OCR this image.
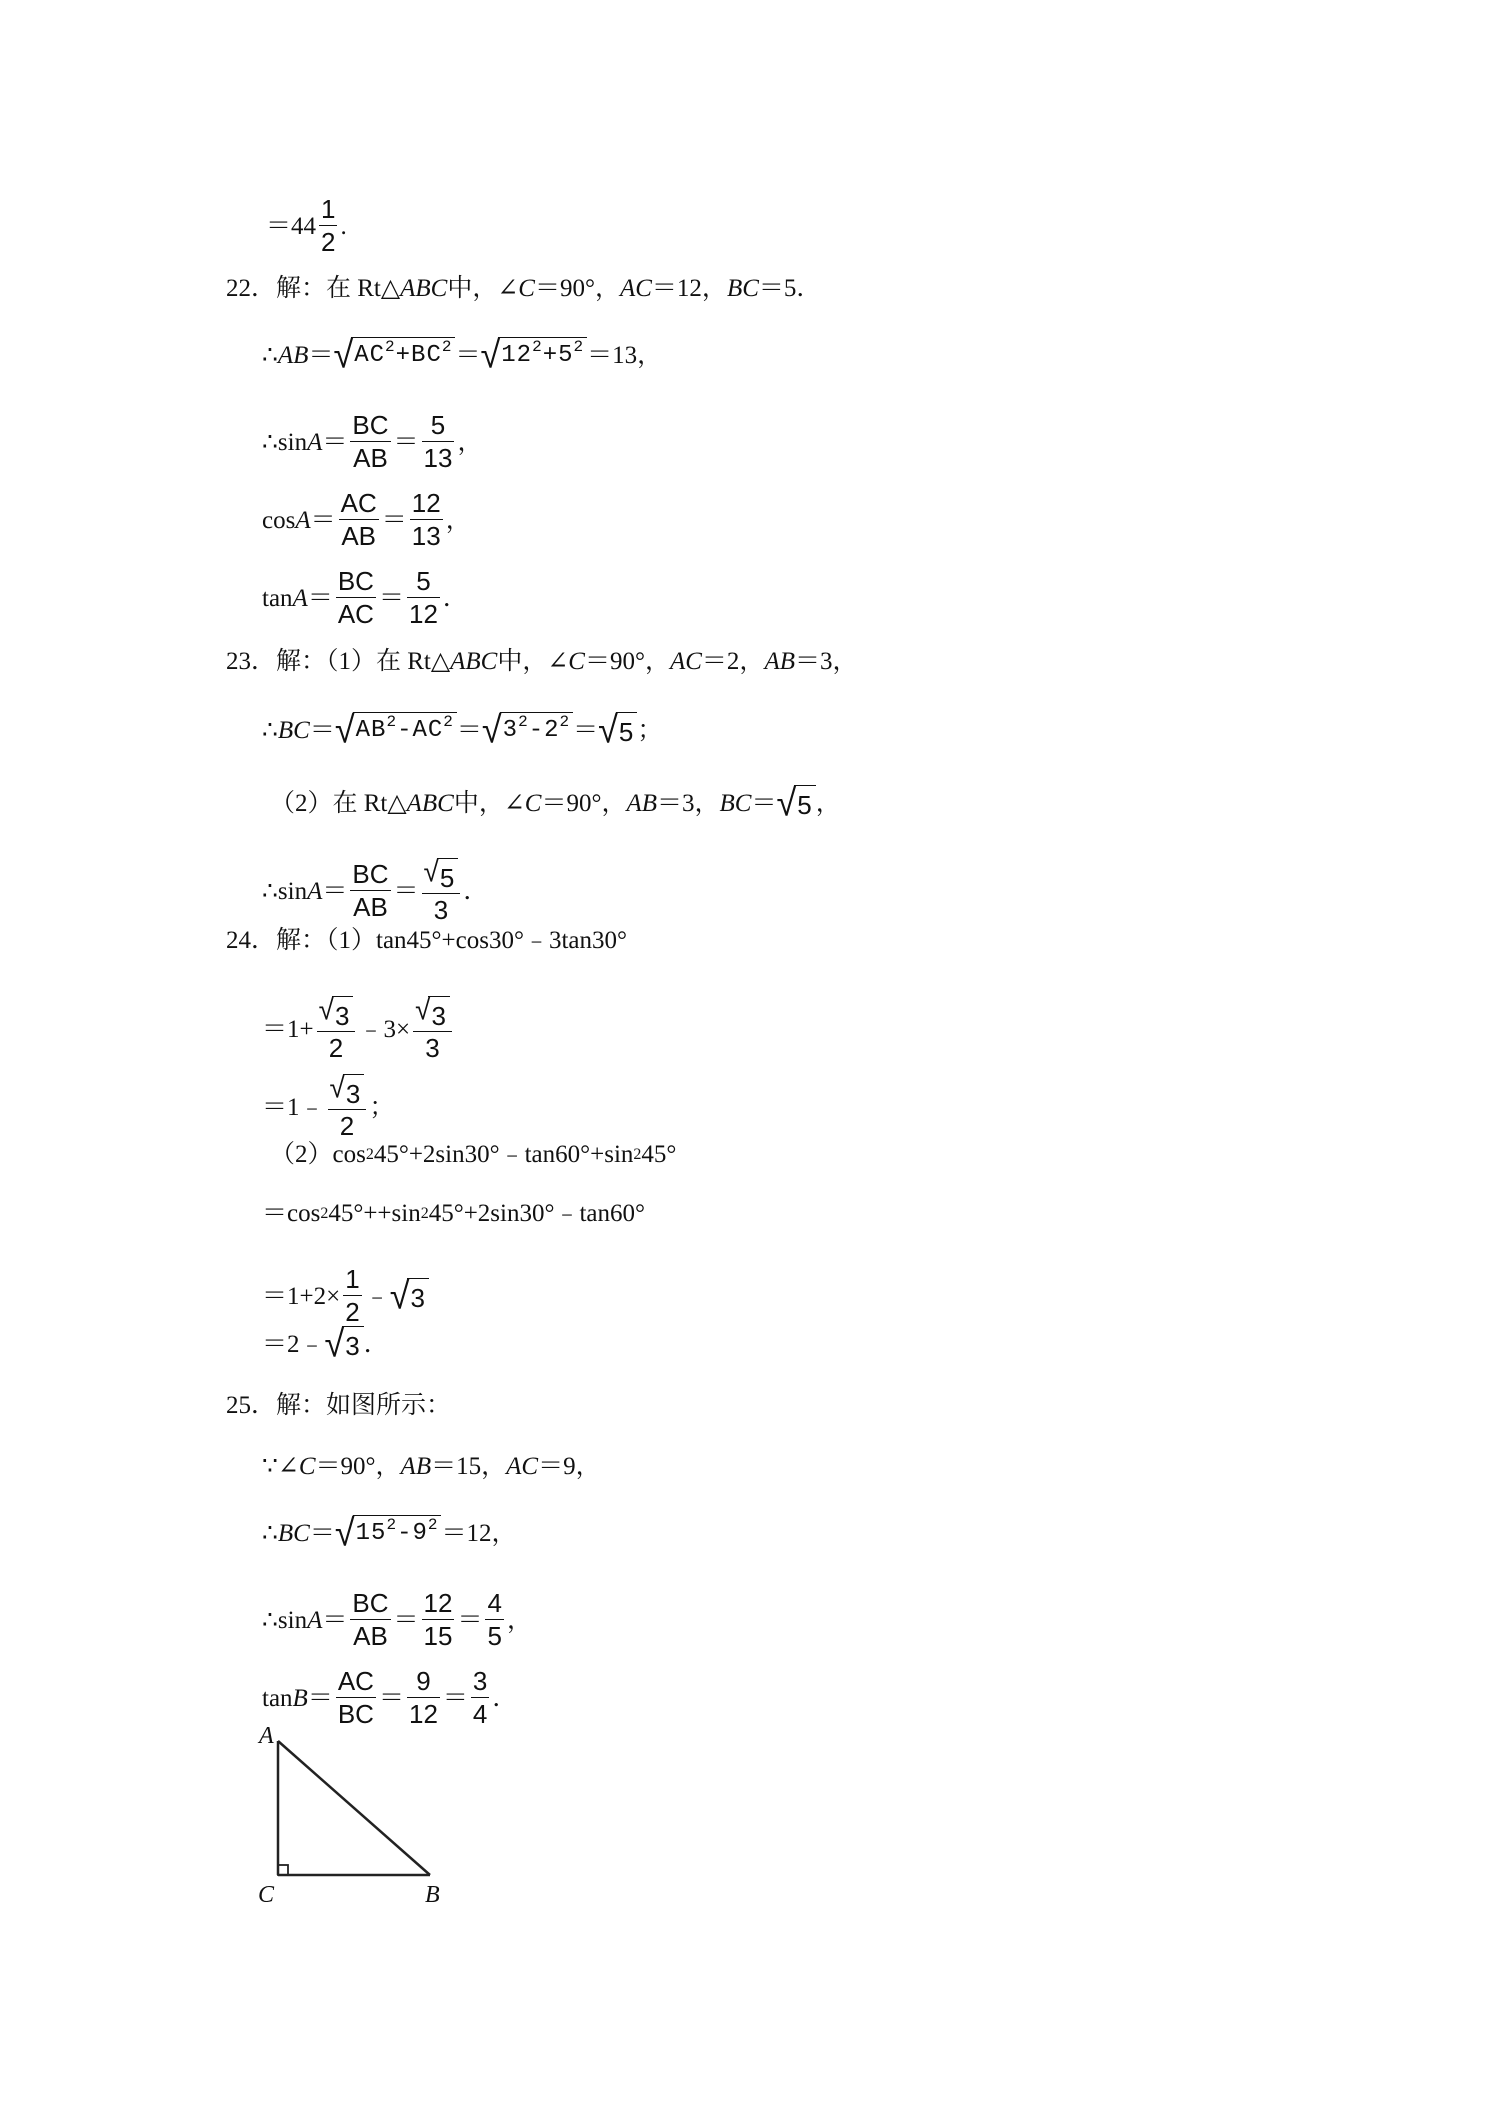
$=44 \frac{1}{2}$ .
22．解：在 Rt△ ABC 中，∠ C ＝90°， AC ＝12， BC ＝5．
∴ AB ＝ √ $AC^2+BC^2$ ＝ √ $12^2+5^2 =13$，
∴sin $A = \frac{BC}{AB} = \frac{5}{13}$ ，
$\cos A = \frac{AC}{AB} = \frac{12}{13}$ ，
$\tan A = \frac{BC}{AC} = \frac{5}{12}$ ．
23．解：（1）在 Rt△ ABC 中，∠ C ＝90°， AC ＝2， AB ＝3，
∴ BC ＝ √ $AB^2-AC^2$ ＝ √ $3^2-2^2$ ＝ √ 5 ；
（2）在 Rt△ ABC 中，∠ C ＝90°， AB ＝3， BC ＝ √ 5 ，
∴sin $A = \frac{BC}{AB} = \frac{√ 5}{3}$ ．
24．解：（1）tan45°+cos30°﹣3tan30°
$=1+ \frac{√ 3}{2}$ ﹣3× $\frac{√ 3}{3}$
＝1﹣ $\frac{√ 3}{2}$ ；
（2）cos 2 45°+2sin30°﹣tan60°+sin 2 45°
＝cos 2 45°++sin 2 45°+2sin30°﹣tan60°
$=1+2\times \frac{1}{2}$ ﹣ √ 3
＝2﹣ √ 3 ．
25．解：如图所示：
∵∠ C ＝90°， AB ＝15， AC ＝9，
∴ BC ＝ √ $15^2-9^2 =12$，
∴sin $A = \frac{BC}{AB} = \frac{12}{15} = \frac{4}{5}$ ，
$\tan B = \frac{AC}{BC} = \frac{9}{12} = \frac{3}{4}$ ．
A
C	B
